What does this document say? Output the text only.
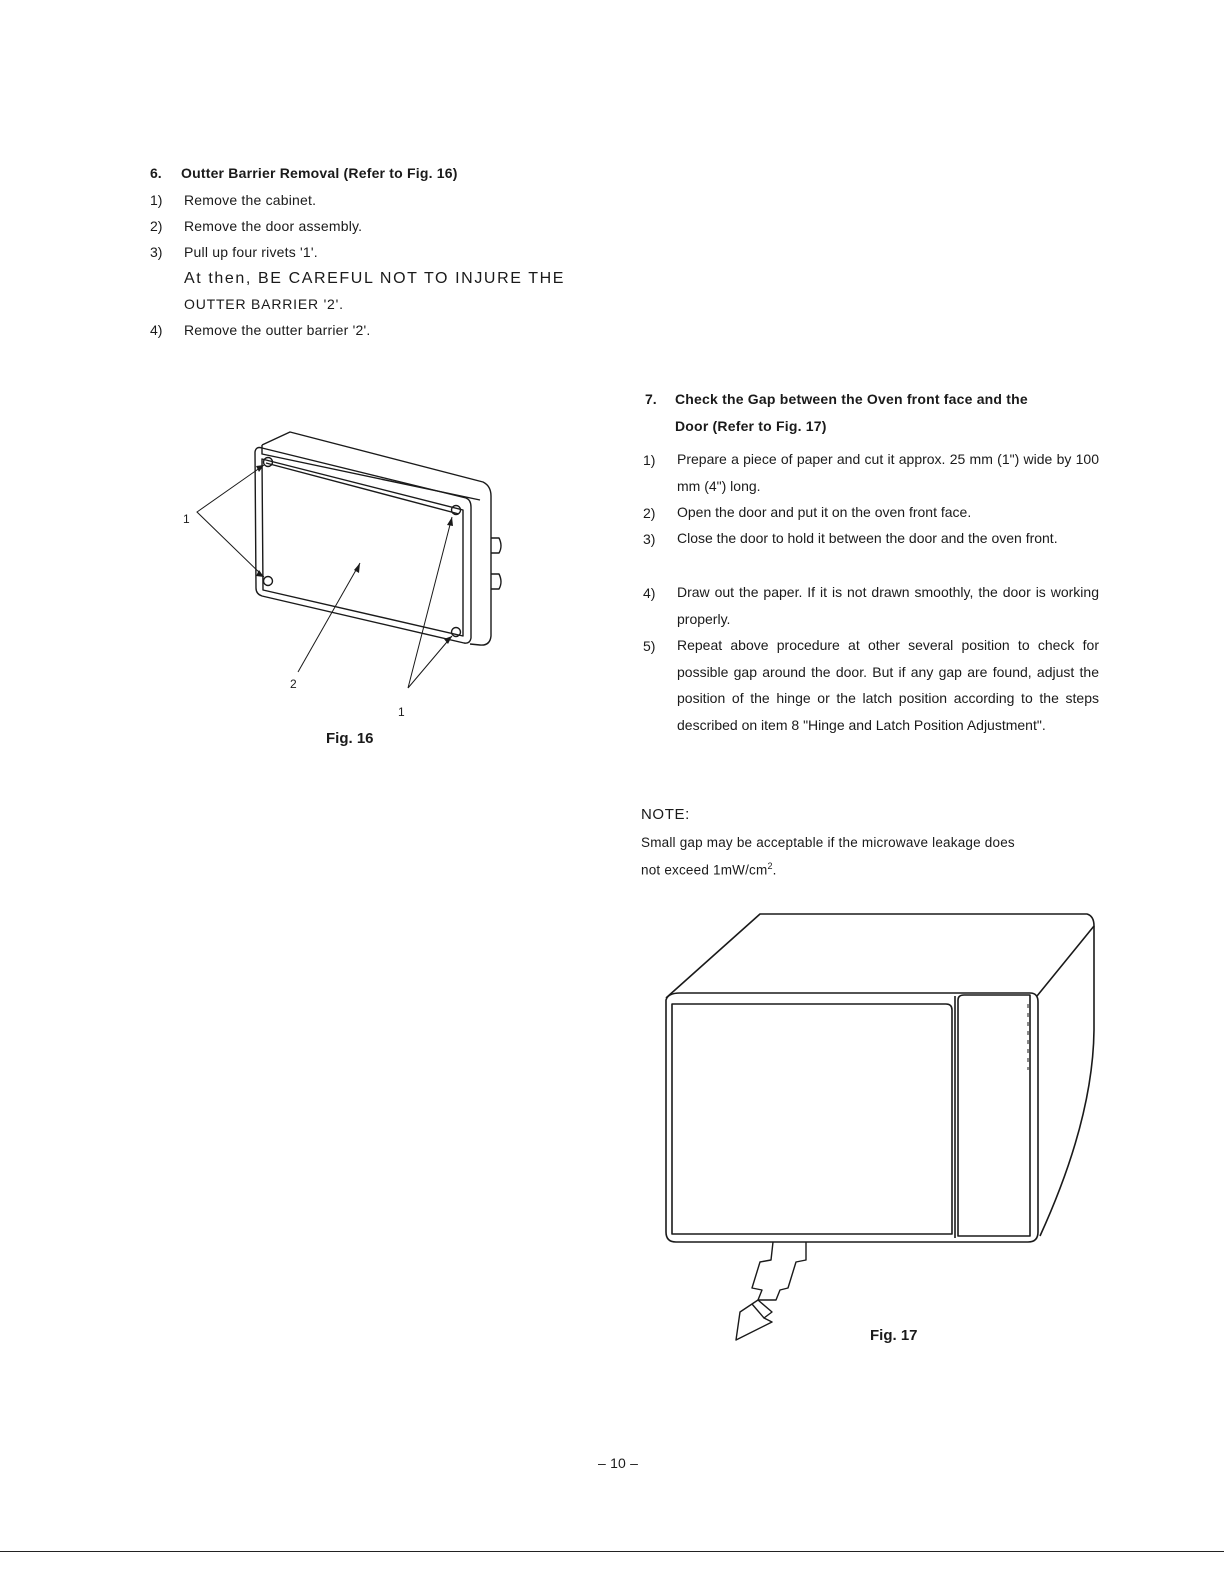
6. Outter Barrier Removal (Refer to Fig. 16)
1) Remove the cabinet.
2) Remove the door assembly.
3) Pull up four rivets '1'.
At then, BE CAREFUL NOT TO INJURE THE
OUTTER BARRIER '2'.
4) Remove the outter barrier '2'.
1
2
1
Fig. 16
7. Check the Gap between the Oven front face and the
Door (Refer to Fig. 17)
1) Prepare a piece of paper and cut it approx. 25 mm (1") wide by 100 mm (4") long.
2) Open the door and put it on the oven front face.
3) Close the door to hold it between the door and the oven front.
4) Draw out the paper. If it is not drawn smoothly, the door is working properly.
5) Repeat above procedure at other several position to check for possible gap around the door. But if any gap are found, adjust the position of the hinge or the latch position according to the steps described on item 8 "Hinge and Latch Position Adjustment".
NOTE:
Small gap may be acceptable if the microwave leakage does
not exceed $1mW/cm^2$.
Fig. 17
– 10 –
